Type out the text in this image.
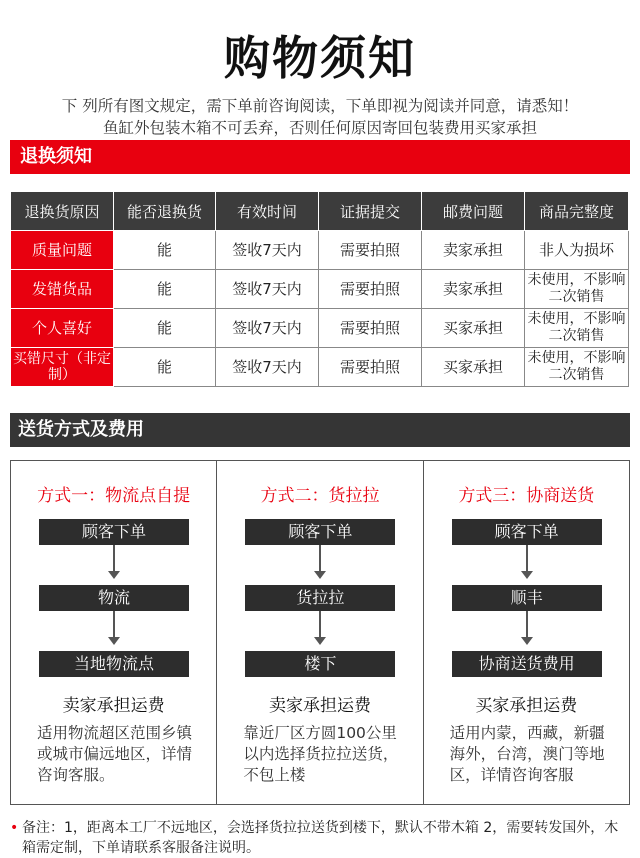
购物须知
下 列所有图文规定，需下单前咨询阅读，下单即视为阅读并同意，请悉知！
鱼缸外包装木箱不可丢弃，否则任何原因寄回包装费用买家承担
退换须知
退换货原因	能否退换货	有效时间	证据提交	邮费问题	商品完整度
质量问题	能	签收7天内	需要拍照	卖家承担	非人为损坏
发错货品	能	签收7天内	需要拍照	卖家承担	未使用，不影响二次销售
个人喜好	能	签收7天内	需要拍照	买家承担	未使用，不影响二次销售
买错尺寸（非定制）	能	签收7天内	需要拍照	买家承担	未使用，不影响二次销售
送货方式及费用
方式一：物流点自提
顾客下单
物流
当地物流点
卖家承担运费
适用物流超区范围乡镇或城市偏远地区，详情咨询客服。
方式二：货拉拉
顾客下单
货拉拉
楼下
卖家承担运费
靠近厂区方圆100公里以内选择货拉拉送货，不包上楼
方式三：协商送货
顾客下单
顺丰
协商送货费用
买家承担运费
适用内蒙，西藏，新疆海外，台湾，澳门等地区，详情咨询客服
• 备注：1，距离本工厂不远地区，会选择货拉拉送货到楼下，默认不带木箱 2，需要转发国外，木箱需定制，下单请联系客服备注说明。
